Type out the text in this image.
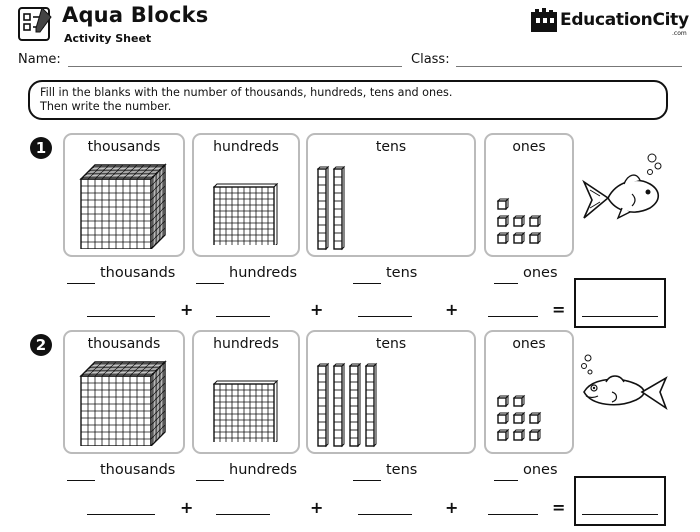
Aqua Blocks
Activity Sheet
EducationCity
.com
Name:	Class:
Fill in the blanks with the number of thousands, hundreds, tens and ones.
Then write the number.
1	thousands	hundreds	tens	ones
thousands	hundreds	tens	ones
+	+	+	=
2	thousands	hundreds	tens	ones
thousands	hundreds	tens	ones
+	+	+	=
